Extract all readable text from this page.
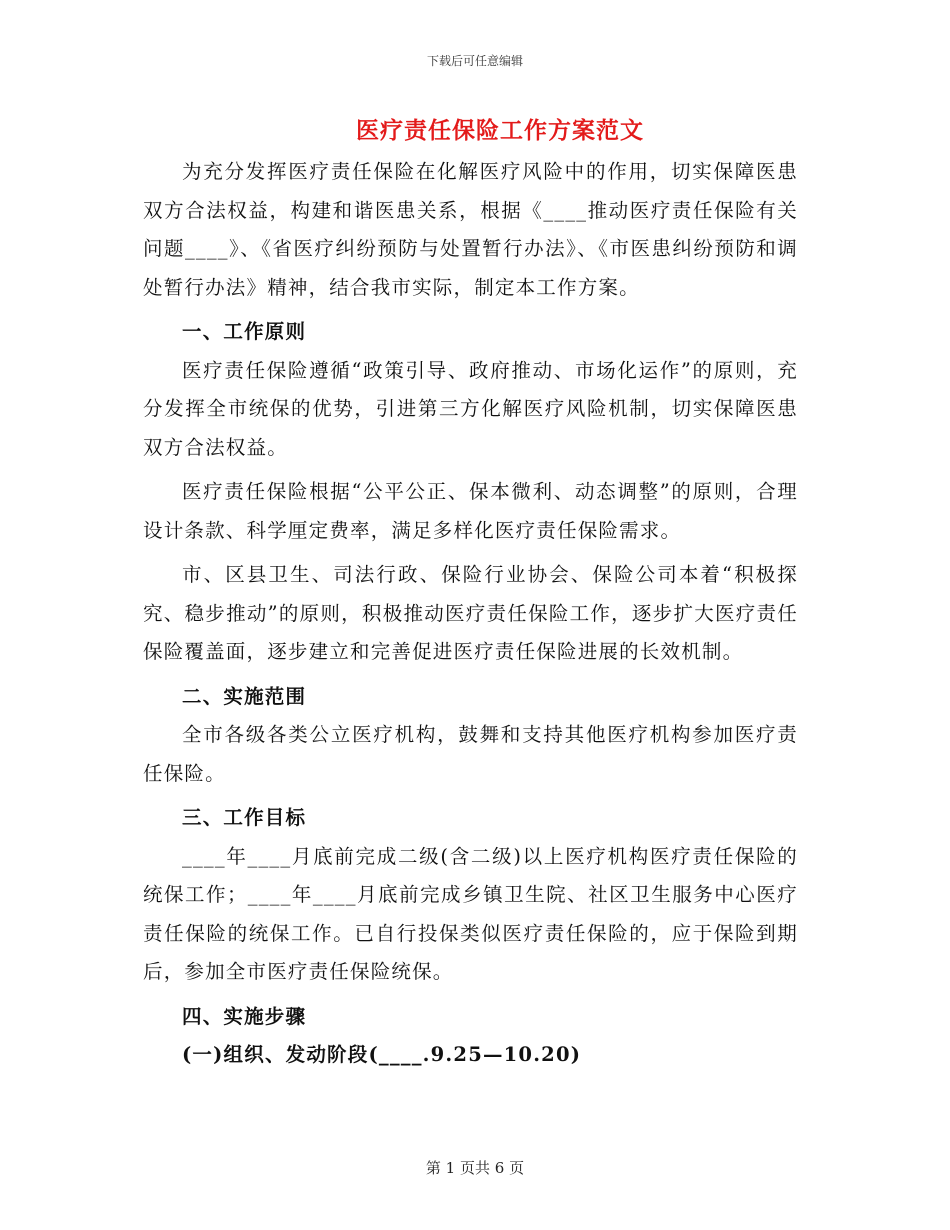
下载后可任意编辑
医疗责任保险工作方案范文

为充分发挥医疗责任保险在化解医疗风险中的作用，切实保障医患双方合法权益，构建和谐医患关系，根据《____推动医疗责任保险有关问题____》、《省医疗纠纷预防与处置暂行办法》、《市医患纠纷预防和调处暂行办法》精神，结合我市实际，制定本工作方案。

一、工作原则

医疗责任保险遵循“政策引导、政府推动、市场化运作”的原则，充分发挥全市统保的优势，引进第三方化解医疗风险机制，切实保障医患双方合法权益。

医疗责任保险根据“公平公正、保本微利、动态调整”的原则，合理设计条款、科学厘定费率，满足多样化医疗责任保险需求。

市、区县卫生、司法行政、保险行业协会、保险公司本着“积极探究、稳步推动”的原则，积极推动医疗责任保险工作，逐步扩大医疗责任保险覆盖面，逐步建立和完善促进医疗责任保险进展的长效机制。

二、实施范围

全市各级各类公立医疗机构，鼓舞和支持其他医疗机构参加医疗责任保险。

三、工作目标

____年____月底前完成二级(含二级)以上医疗机构医疗责任保险的统保工作；____年____月底前完成乡镇卫生院、社区卫生服务中心医疗责任保险的统保工作。已自行投保类似医疗责任保险的，应于保险到期后，参加全市医疗责任保险统保。

四、实施步骤

(一)组织、发动阶段(____.9.25—10.20)

第 1 页共 6 页
